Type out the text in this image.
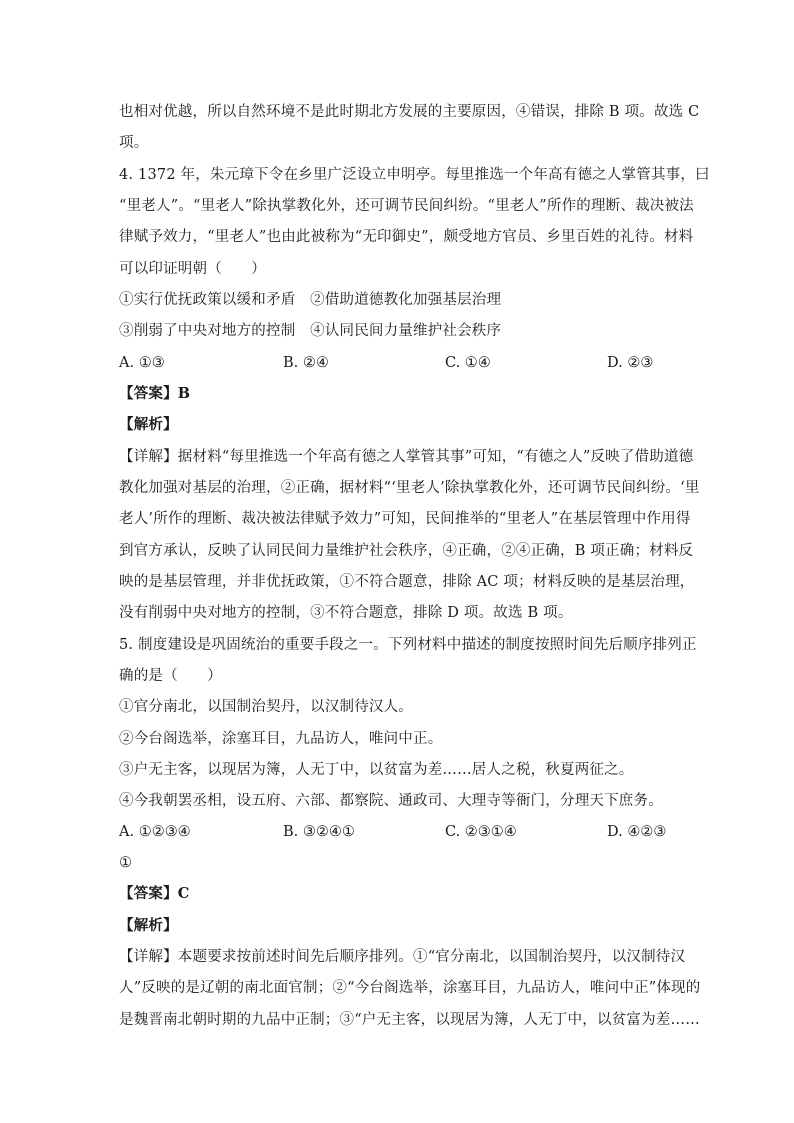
也相对优越，所以自然环境不是此时期北方发展的主要原因，④错误，排除 B 项。故选 C
项。
4. 1372 年，朱元璋下令在乡里广泛设立申明亭。每里推选一个年高有德之人掌管其事，曰
“里老人”。“里老人”除执掌教化外，还可调节民间纠纷。“里老人”所作的理断、裁决被法
律赋予效力，“里老人”也由此被称为“无印御史”，颇受地方官员、乡里百姓的礼待。材料
可以印证明朝（　　）
①实行优抚政策以缓和矛盾　②借助道德教化加强基层治理
③削弱了中央对地方的控制　④认同民间力量维护社会秩序
A. ①③	B. ②④	C. ①④	D. ②③
【答案】B
【解析】
【详解】据材料“每里推选一个年高有德之人掌管其事”可知，“有德之人”反映了借助道德
教化加强对基层的治理，②正确，据材料“‘里老人’除执掌教化外，还可调节民间纠纷。‘里
老人’所作的理断、裁决被法律赋予效力”可知，民间推举的“里老人”在基层管理中作用得
到官方承认，反映了认同民间力量维护社会秩序，④正确，②④正确，B 项正确；材料反
映的是基层管理，并非优抚政策，①不符合题意，排除 AC 项；材料反映的是基层治理，
没有削弱中央对地方的控制，③不符合题意，排除 D 项。故选 B 项。
5. 制度建设是巩固统治的重要手段之一。下列材料中描述的制度按照时间先后顺序排列正
确的是（　　）
①官分南北，以国制治契丹，以汉制待汉人。
②今台阁选举，涂塞耳目，九品访人，唯问中正。
③户无主客，以现居为簿，人无丁中，以贫富为差……居人之税，秋夏两征之。
④今我朝罢丞相，设五府、六部、都察院、通政司、大理寺等衙门，分理天下庶务。
A. ①②③④	B. ③②④①	C. ②③①④	D. ④②③
①
【答案】C
【解析】
【详解】本题要求按前述时间先后顺序排列。①“官分南北，以国制治契丹，以汉制待汉
人”反映的是辽朝的南北面官制；②“今台阁选举，涂塞耳目，九品访人，唯问中正”体现的
是魏晋南北朝时期的九品中正制；③“户无主客，以现居为簿，人无丁中，以贫富为差……
